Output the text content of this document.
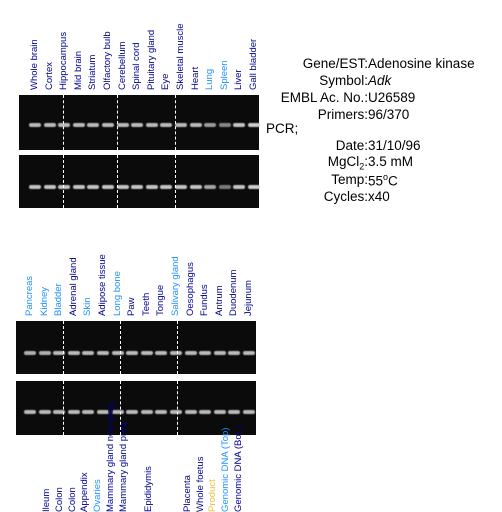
Whole brain Cortex Hippocampus Mid brain Striatum Olfactory bulb Cerebellum Spinal cord Pituitary gland Eye Skeletal muscle Heart Lung Spleen Liver Gall bladder
Pancreas Kidney Bladder Adrenal gland Skin Adipose tissue Long bone Paw Teeth Tongue Salivary gland Oesophagus Fundus Antrum Duodenum Jejunum
Ileum Colon Colon Appendix Ovaries Mammary gland non-preg. Mammary gland preg. Epididymis	Placenta Whole foetus Product Genomic DNA (Top) Genomic DNA (Bot.)
Gene/EST: Adenosine kinase
Symbol: Adk
EMBL Ac. No.: U26589
Primers: 96/370
PCR;
Date: 31/10/96
MgCl$_2$: 3.5 mM
Temp: 55$^o$C
Cycles: x40
